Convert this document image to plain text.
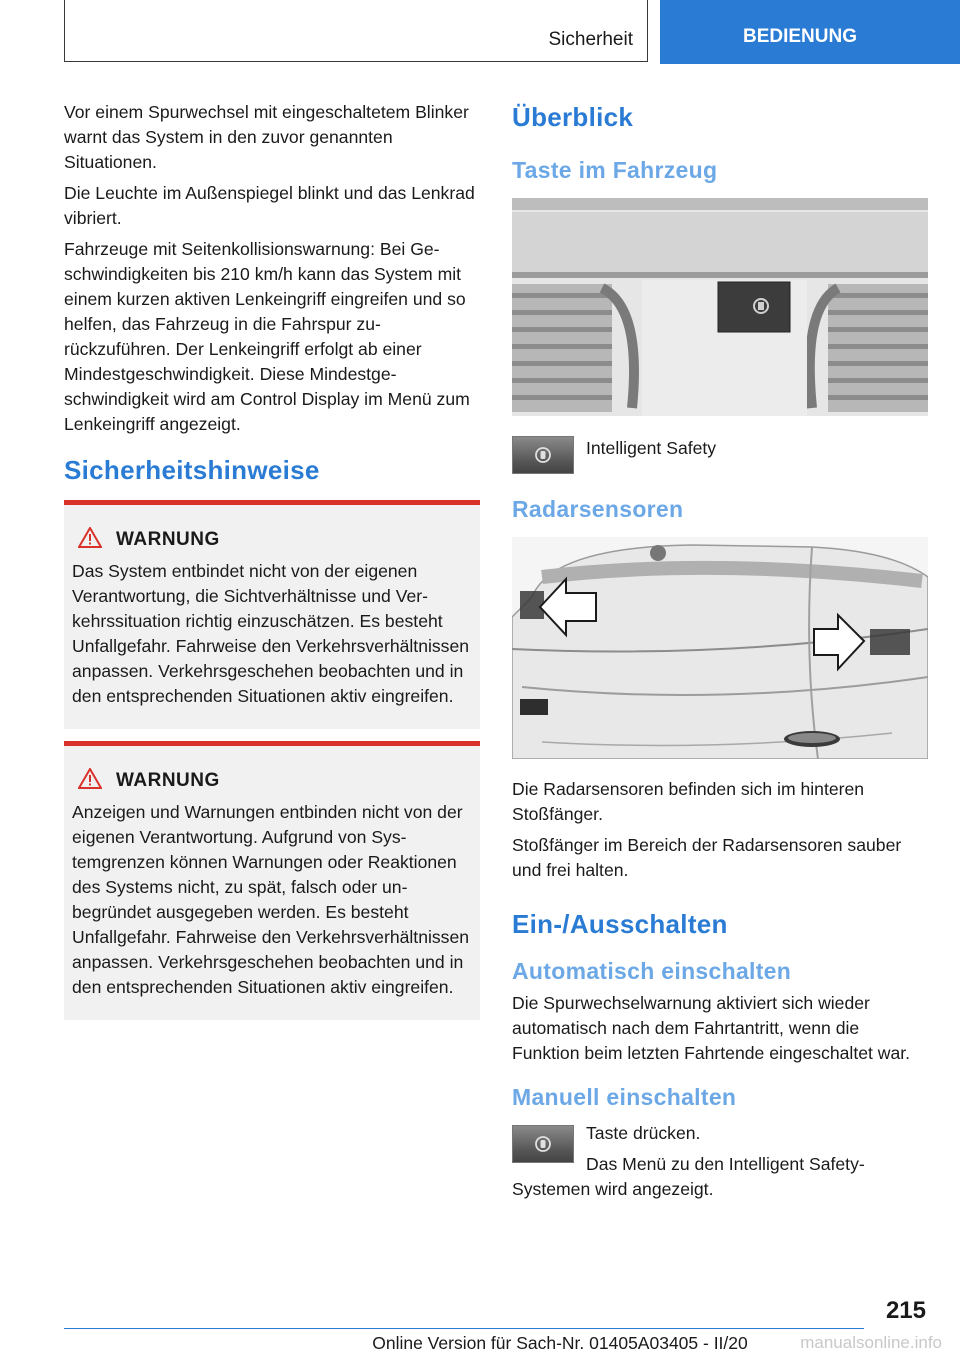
Sicherheit	BEDIENUNG

Vor einem Spurwechsel mit eingeschaltetem Blinker warnt das System in den zuvor genannten Situationen.

Die Leuchte im Außenspiegel blinkt und das Lenkrad vibriert.

Fahrzeuge mit Seitenkollisionswarnung: Bei Geschwindigkeiten bis 210 km/h kann das System mit einem kurzen aktiven Lenkeingriff eingreifen und so helfen, das Fahrzeug in die Fahrspur zurückzuführen. Der Lenkeingriff erfolgt ab einer Mindestgeschwindigkeit. Diese Mindestgeschwindigkeit wird am Control Display im Menü zum Lenkeingriff angezeigt.

Sicherheitshinweise
WARNUNG

Das System entbindet nicht von der eigenen Verantwortung, die Sichtverhältnisse und Verkehrssituation richtig einzuschätzen. Es besteht Unfallgefahr. Fahrweise den Verkehrsverhältnissen anpassen. Verkehrsgeschehen beobachten und in den entsprechenden Situationen aktiv eingreifen.

WARNUNG

Anzeigen und Warnungen entbinden nicht von der eigenen Verantwortung. Aufgrund von Systemgrenzen können Warnungen oder Reaktionen des Systems nicht, zu spät, falsch oder unbegründet ausgegeben werden. Es besteht Unfallgefahr. Fahrweise den Verkehrsverhältnissen anpassen. Verkehrsgeschehen beobachten und in den entsprechenden Situationen aktiv eingreifen.

Überblick
Taste im Fahrzeug
Intelligent Safety
Radarsensoren

Die Radarsensoren befinden sich im hinteren Stoßfänger.

Stoßfänger im Bereich der Radarsensoren sauber und frei halten.

Ein-/Ausschalten
Automatisch einschalten

Die Spurwechselwarnung aktiviert sich wieder automatisch nach dem Fahrtantritt, wenn die Funktion beim letzten Fahrtende eingeschaltet war.

Manuell einschalten

Taste drücken.

Das Menü zu den Intelligent Safety-

Systemen wird angezeigt.

215
Online Version für Sach-Nr. 01405A03405 - II/20	manualsonline.info
